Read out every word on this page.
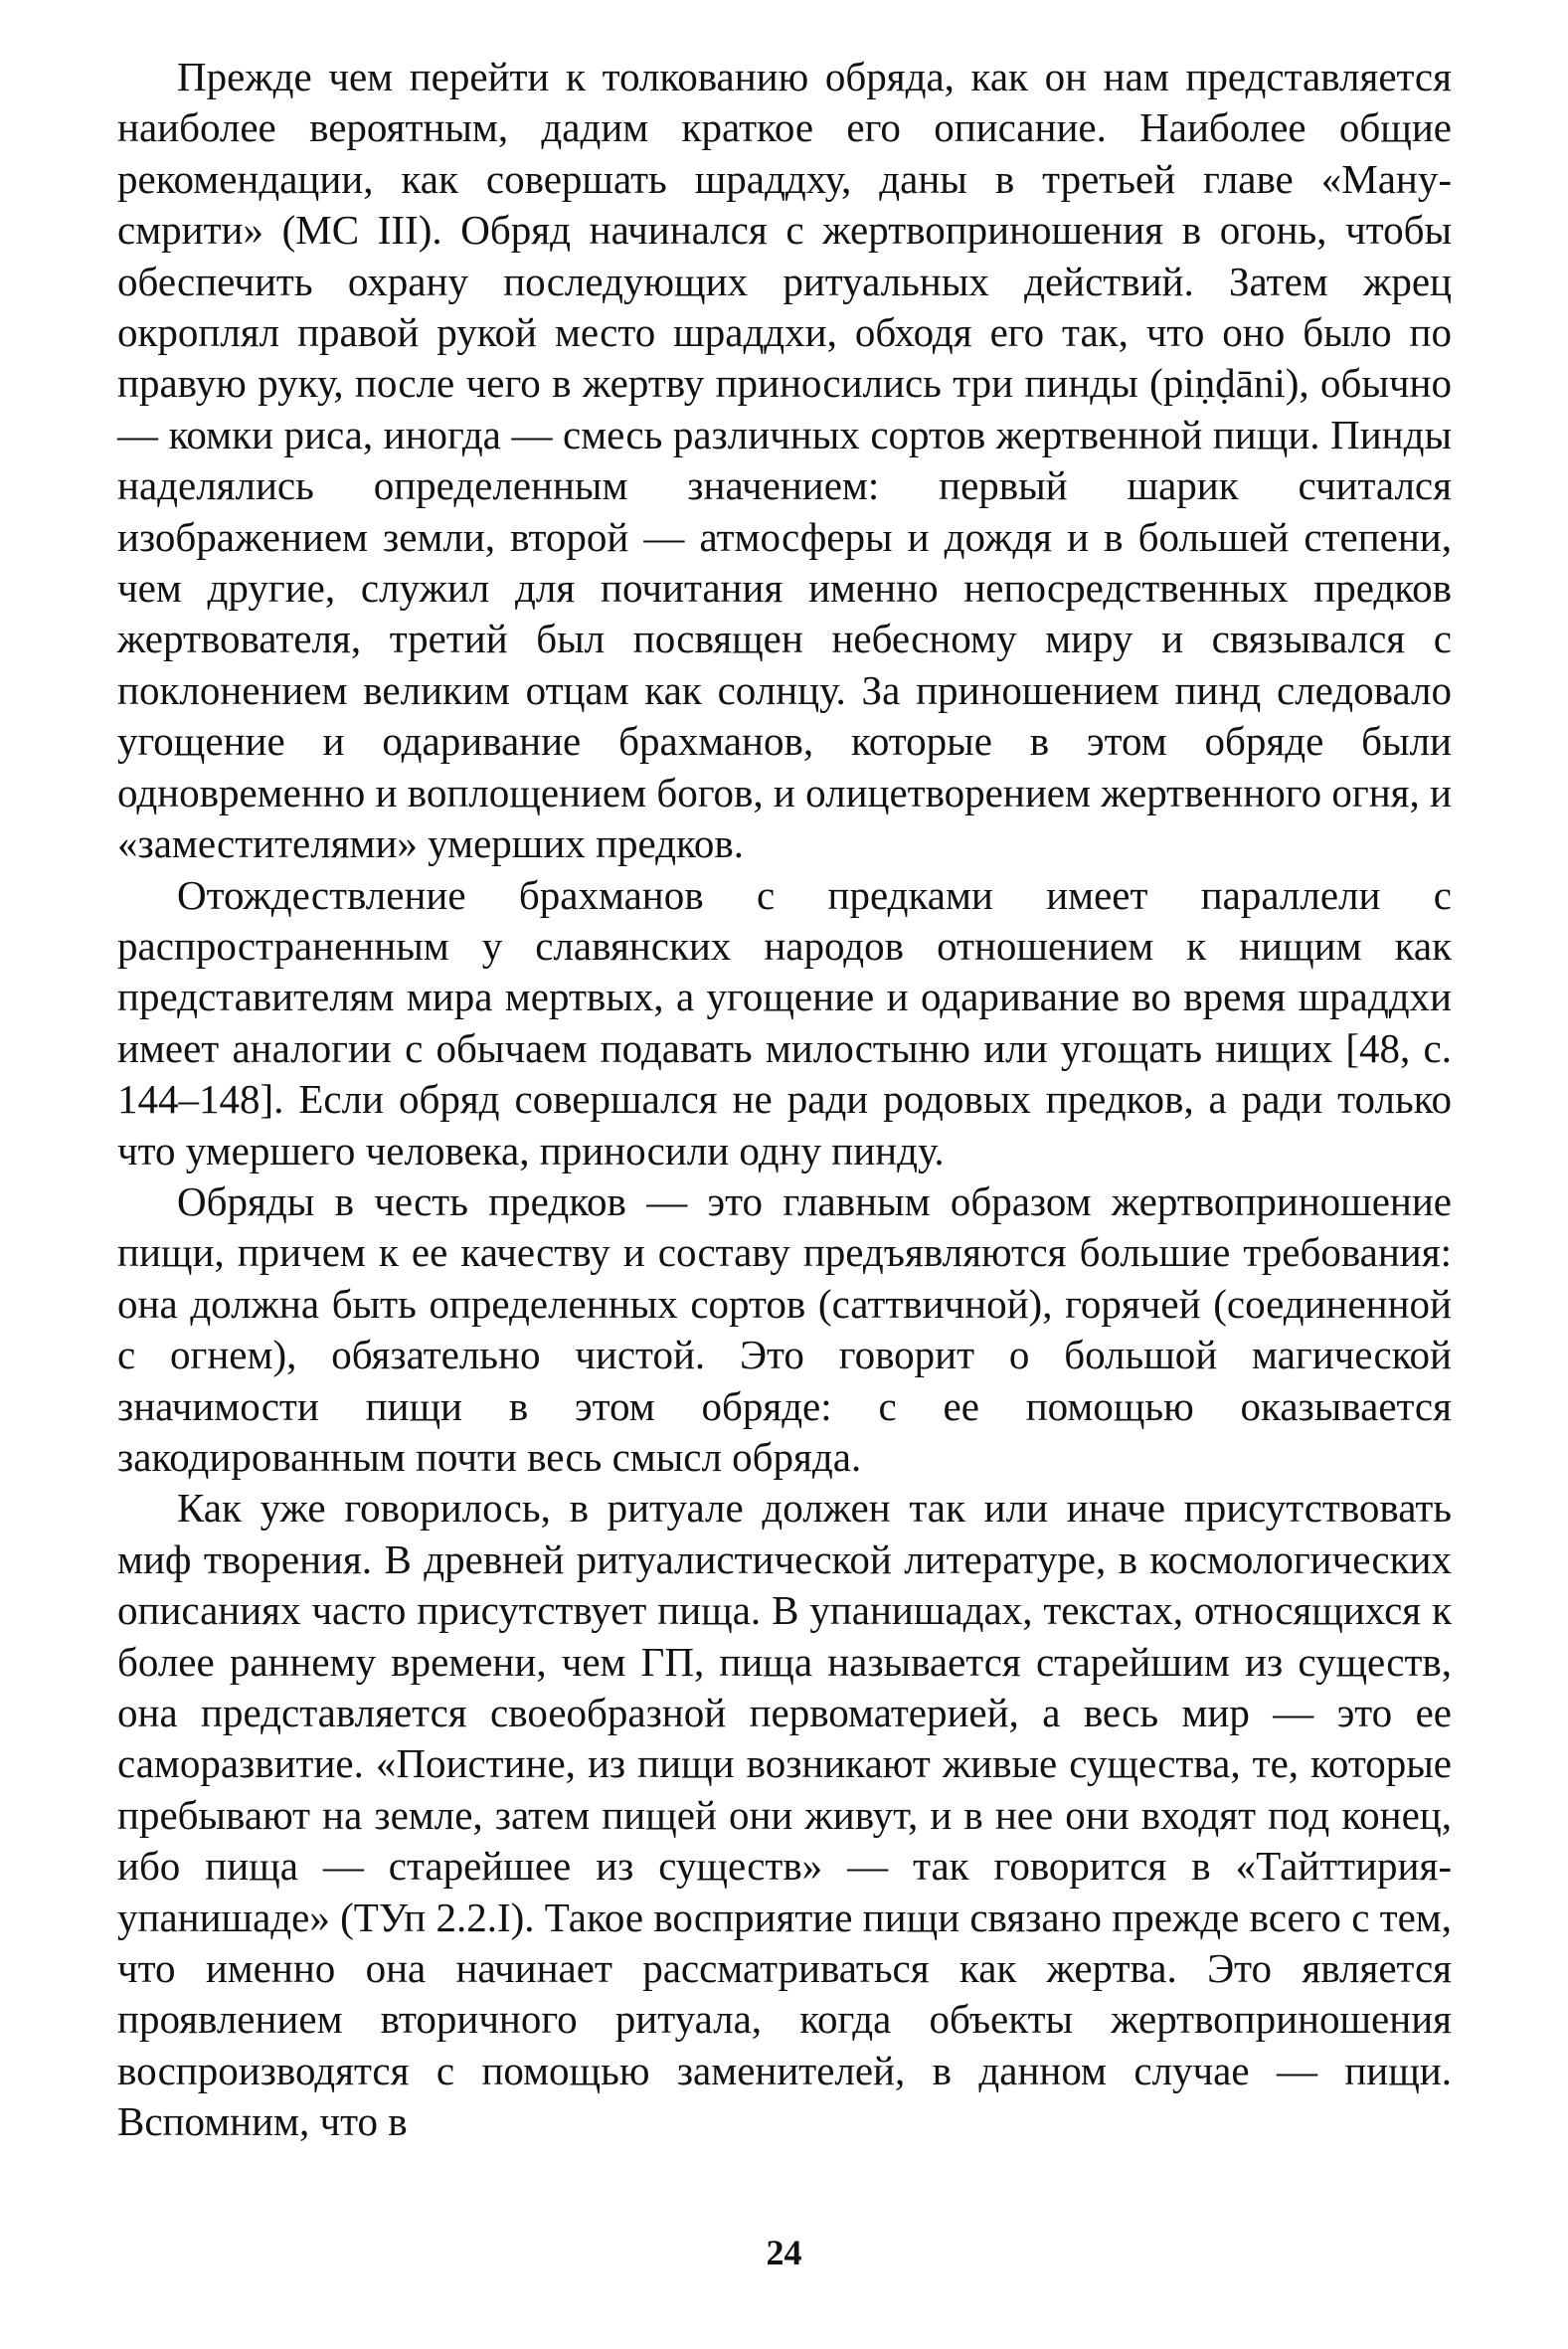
Прежде чем перейти к толкованию обряда, как он нам представляется наиболее вероятным, дадим краткое его описание. Наиболее общие рекомендации, как совершать шраддху, даны в третьей главе «Ману-смрити» (МС III). Обряд начинался с жертвоприношения в огонь, чтобы обеспечить охрану последующих ритуальных действий. Затем жрец окроплял правой рукой место шраддхи, обходя его так, что оно было по правую руку, после чего в жертву приносились три пинды (piṇḍāni), обычно — комки риса, иногда — смесь различных сортов жертвенной пищи. Пинды наделялись определенным значением: первый шарик считался изображением земли, второй — атмосферы и дождя и в большей степени, чем другие, служил для почитания именно непосредственных предков жертвователя, третий был посвящен небесному миру и связывался с поклонением великим отцам как солнцу. За приношением пинд следовало угощение и одаривание брахманов, которые в этом обряде были одновременно и воплощением богов, и олицетворением жертвенного огня, и «заместителями» умерших предков.

Отождествление брахманов с предками имеет параллели с распространенным у славянских народов отношением к нищим как представителям мира мертвых, а угощение и одаривание во время шраддхи имеет аналогии с обычаем подавать милостыню или угощать нищих [48, с. 144–148]. Если обряд совершался не ради родовых предков, а ради только что умершего человека, приносили одну пинду.

Обряды в честь предков — это главным образом жертвоприношение пищи, причем к ее качеству и составу предъявляются большие требования: она должна быть определенных сортов (саттвичной), горячей (соединенной с огнем), обязательно чистой. Это говорит о большой магической значимости пищи в этом обряде: с ее помощью оказывается закодированным почти весь смысл обряда.

Как уже говорилось, в ритуале должен так или иначе присутствовать миф творения. В древней ритуалистической литературе, в космологических описаниях часто присутствует пища. В упанишадах, текстах, относящихся к более раннему времени, чем ГП, пища называется старейшим из существ, она представляется своеобразной первоматерией, а весь мир — это ее саморазвитие. «Поистине, из пищи возникают живые существа, те, которые пребывают на земле, затем пищей они живут, и в нее они входят под конец, ибо пища — старейшее из существ» — так говорится в «Тайттирия-упанишаде» (ТУп 2.2.I). Такое восприятие пищи связано прежде всего с тем, что именно она начинает рассматриваться как жертва. Это является проявлением вторичного ритуала, когда объекты жертвоприношения воспроизводятся с помощью заменителей, в данном случае — пищи. Вспомним, что в

24
